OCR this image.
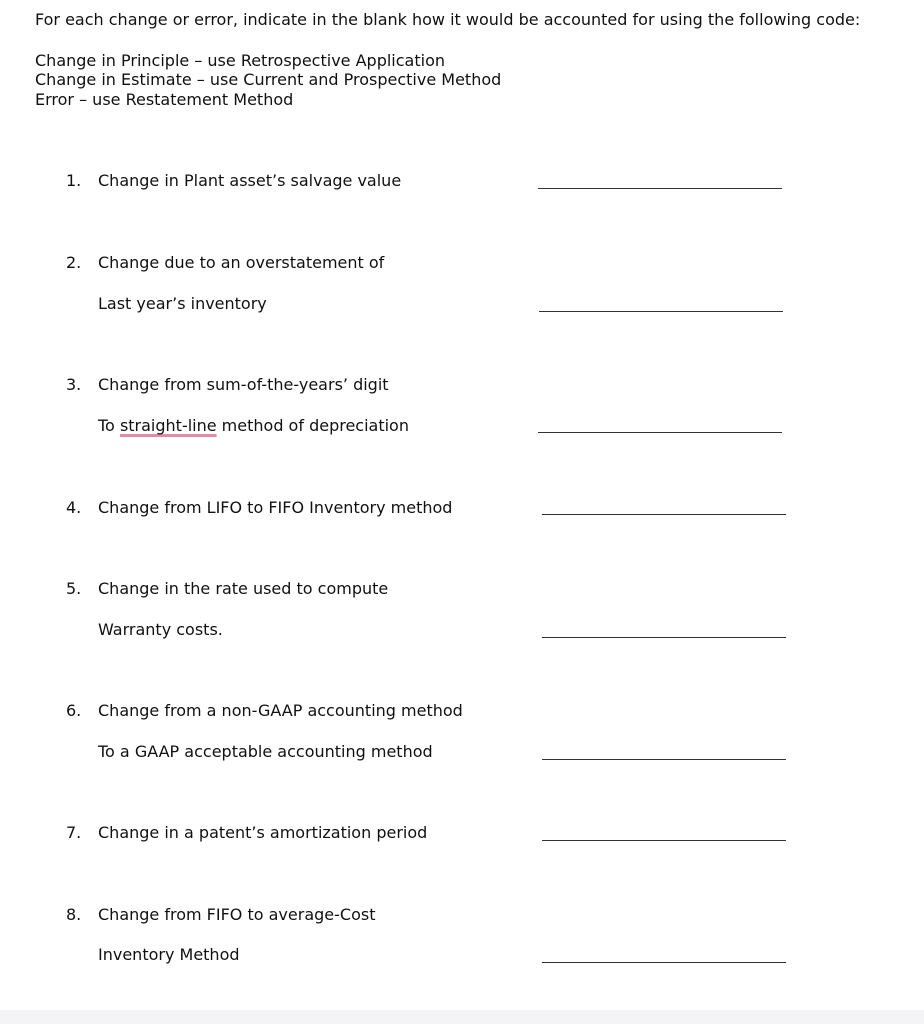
For each change or error, indicate in the blank how it would be accounted for using the following code:
Change in Principle – use Retrospective Application
Change in Estimate – use Current and Prospective Method
Error – use Restatement Method
1. Change in Plant asset’s salvage value
2. Change due to an overstatement of
Last year’s inventory
3. Change from sum-of-the-years’ digit
To straight-line method of depreciation
4. Change from LIFO to FIFO Inventory method
5. Change in the rate used to compute
Warranty costs.
6. Change from a non-GAAP accounting method
To a GAAP acceptable accounting method
7. Change in a patent’s amortization period
8. Change from FIFO to average-Cost
Inventory Method
